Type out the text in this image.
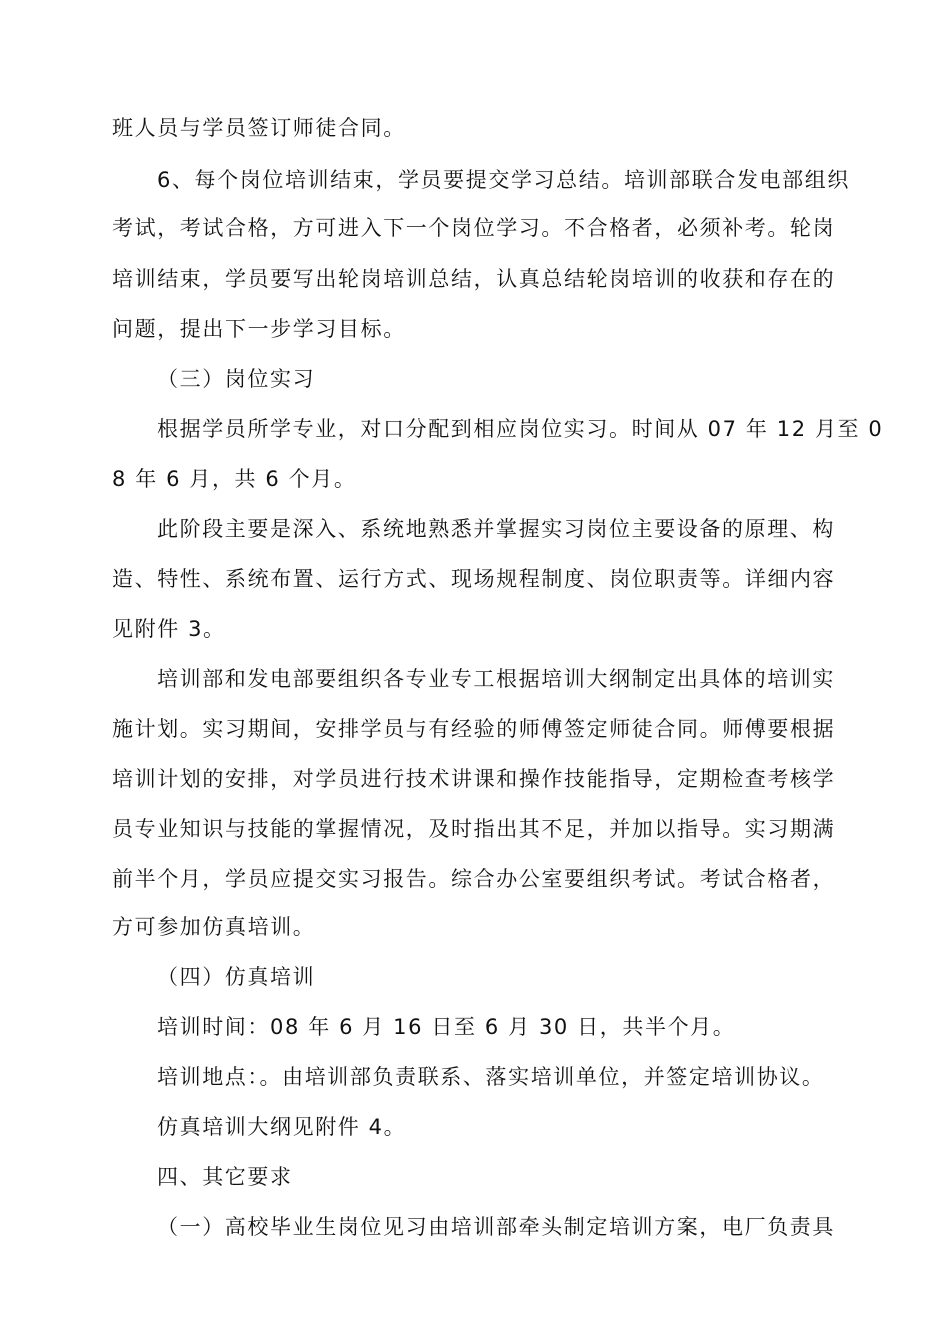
班人员与学员签订师徒合同。
6、每个岗位培训结束，学员要提交学习总结。培训部联合发电部组织
考试，考试合格，方可进入下一个岗位学习。不合格者，必须补考。轮岗
培训结束，学员要写出轮岗培训总结，认真总结轮岗培训的收获和存在的
问题，提出下一步学习目标。
（三）岗位实习
根据学员所学专业，对口分配到相应岗位实习。时间从 07 年 12 月至 0
8 年 6 月，共 6 个月。
此阶段主要是深入、系统地熟悉并掌握实习岗位主要设备的原理、构
造、特性、系统布置、运行方式、现场规程制度、岗位职责等。详细内容
见附件 3。
培训部和发电部要组织各专业专工根据培训大纲制定出具体的培训实
施计划。实习期间，安排学员与有经验的师傅签定师徒合同。师傅要根据
培训计划的安排，对学员进行技术讲课和操作技能指导，定期检查考核学
员专业知识与技能的掌握情况，及时指出其不足，并加以指导。实习期满
前半个月，学员应提交实习报告。综合办公室要组织考试。考试合格者，
方可参加仿真培训。
（四）仿真培训
培训时间：08 年 6 月 16 日至 6 月 30 日，共半个月。
培训地点：。由培训部负责联系、落实培训单位，并签定培训协议。
仿真培训大纲见附件 4。
四、其它要求
（一）高校毕业生岗位见习由培训部牵头制定培训方案，电厂负责具
